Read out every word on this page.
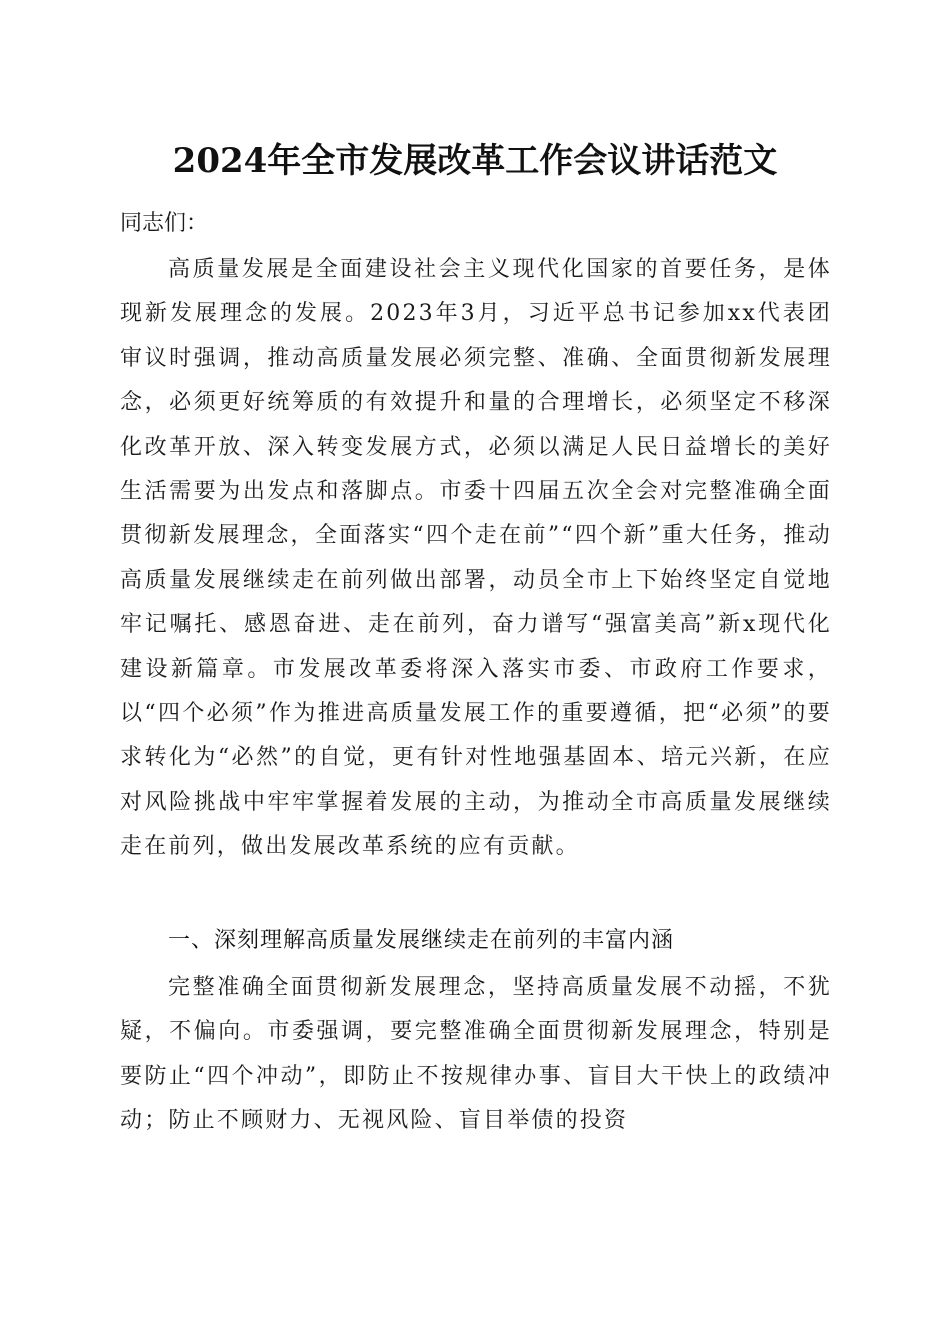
2024年全市发展改革工作会议讲话范文
同志们：

高质量发展是全面建设社会主义现代化国家的首要任务，是体现新发展理念的发展。2023年3月，习近平总书记参加xx代表团审议时强调，推动高质量发展必须完整、准确、全面贯彻新发展理念，必须更好统筹质的有效提升和量的合理增长，必须坚定不移深化改革开放、深入转变发展方式，必须以满足人民日益增长的美好生活需要为出发点和落脚点。市委十四届五次全会对完整准确全面贯彻新发展理念，全面落实“四个走在前”“四个新”重大任务，推动高质量发展继续走在前列做出部署，动员全市上下始终坚定自觉地牢记嘱托、感恩奋进、走在前列，奋力谱写“强富美高”新x现代化建设新篇章。市发展改革委将深入落实市委、市政府工作要求，以“四个必须”作为推进高质量发展工作的重要遵循，把“必须”的要求转化为“必然”的自觉，更有针对性地强基固本、培元兴新，在应对风险挑战中牢牢掌握着发展的主动，为推动全市高质量发展继续走在前列，做出发展改革系统的应有贡献。

一、深刻理解高质量发展继续走在前列的丰富内涵

完整准确全面贯彻新发展理念，坚持高质量发展不动摇，不犹疑，不偏向。市委强调，要完整准确全面贯彻新发展理念，特别是要防止“四个冲动”，即防止不按规律办事、盲目大干快上的政绩冲动；防止不顾财力、无视风险、盲目举债的投资
